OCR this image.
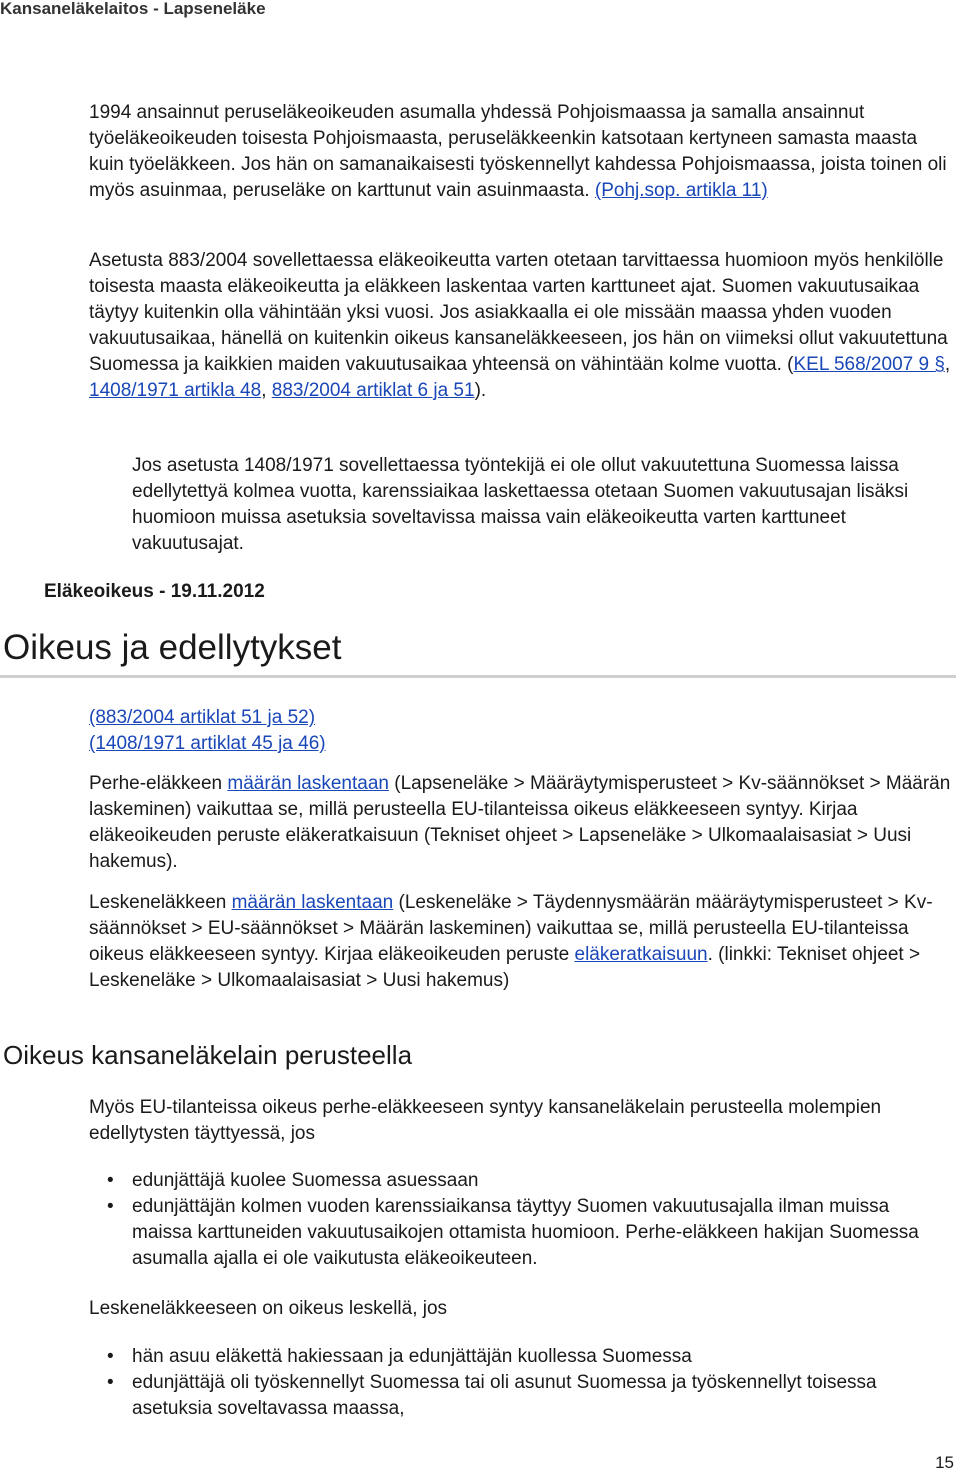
Kansaneläkelaitos - Lapseneläke

1994 ansainnut peruseläkeoikeuden asumalla yhdessä Pohjoismaassa ja samalla ansainnut työeläkeoikeuden toisesta Pohjoismaasta, peruseläkkeenkin katsotaan kertyneen samasta maasta kuin työeläkkeen. Jos hän on samanaikaisesti työskennellyt kahdessa Pohjoismaassa, joista toinen oli myös asuinmaa, peruseläke on karttunut vain asuinmaasta. (Pohj.sop. artikla 11)

Asetusta 883/2004 sovellettaessa eläkeoikeutta varten otetaan tarvittaessa huomioon myös henkilölle toisesta maasta eläkeoikeutta ja eläkkeen laskentaa varten karttuneet ajat. Suomen vakuutusaikaa täytyy kuitenkin olla vähintään yksi vuosi. Jos asiakkaalla ei ole missään maassa yhden vuoden vakuutusaikaa, hänellä on kuitenkin oikeus kansaneläkkeeseen, jos hän on viimeksi ollut vakuutettuna Suomessa ja kaikkien maiden vakuutusaikaa yhteensä on vähintään kolme vuotta. (KEL 568/2007 9 §, 1408/1971 artikla 48, 883/2004 artiklat 6 ja 51).

Jos asetusta 1408/1971 sovellettaessa työntekijä ei ole ollut vakuutettuna Suomessa laissa edellytettyä kolmea vuotta, karenssiaikaa laskettaessa otetaan Suomen vakuutusajan lisäksi huomioon muissa asetuksia soveltavissa maissa vain eläkeoikeutta varten karttuneet vakuutusajat.

Eläkeoikeus - 19.11.2012
Oikeus ja edellytykset

(883/2004 artiklat 51 ja 52)
(1408/1971 artiklat 45 ja 46)

Perhe-eläkkeen määrän laskentaan (Lapseneläke > Määräytymisperusteet > Kv-säännökset > Määrän laskeminen) vaikuttaa se, millä perusteella EU-tilanteissa oikeus eläkkeeseen syntyy. Kirjaa eläkeoikeuden peruste eläkeratkaisuun (Tekniset ohjeet > Lapseneläke > Ulkomaalaisasiat > Uusi hakemus).

Leskeneläkkeen määrän laskentaan (Leskeneläke > Täydennysmäärän määräytymisperusteet > Kv-säännökset > EU-säännökset > Määrän laskeminen) vaikuttaa se, millä perusteella EU-tilanteissa oikeus eläkkeeseen syntyy. Kirjaa eläkeoikeuden peruste eläkeratkaisuun. (linkki: Tekniset ohjeet > Leskeneläke > Ulkomaalaisasiat > Uusi hakemus)

Oikeus kansaneläkelain perusteella

Myös EU-tilanteissa oikeus perhe-eläkkeeseen syntyy kansaneläkelain perusteella molempien edellytysten täyttyessä, jos

• edunjättäjä kuolee Suomessa asuessaan
• edunjättäjän kolmen vuoden karenssiaikansa täyttyy Suomen vakuutusajalla ilman muissa maissa karttuneiden vakuutusaikojen ottamista huomioon. Perhe-eläkkeen hakijan Suomessa asumalla ajalla ei ole vaikutusta eläkeoikeuteen.

Leskeneläkkeeseen on oikeus leskellä, jos

• hän asuu eläkettä hakiessaan ja edunjättäjän kuollessa Suomessa
• edunjättäjä oli työskennellyt Suomessa tai oli asunut Suomessa ja työskennellyt toisessa asetuksia soveltavassa maassa,
15
